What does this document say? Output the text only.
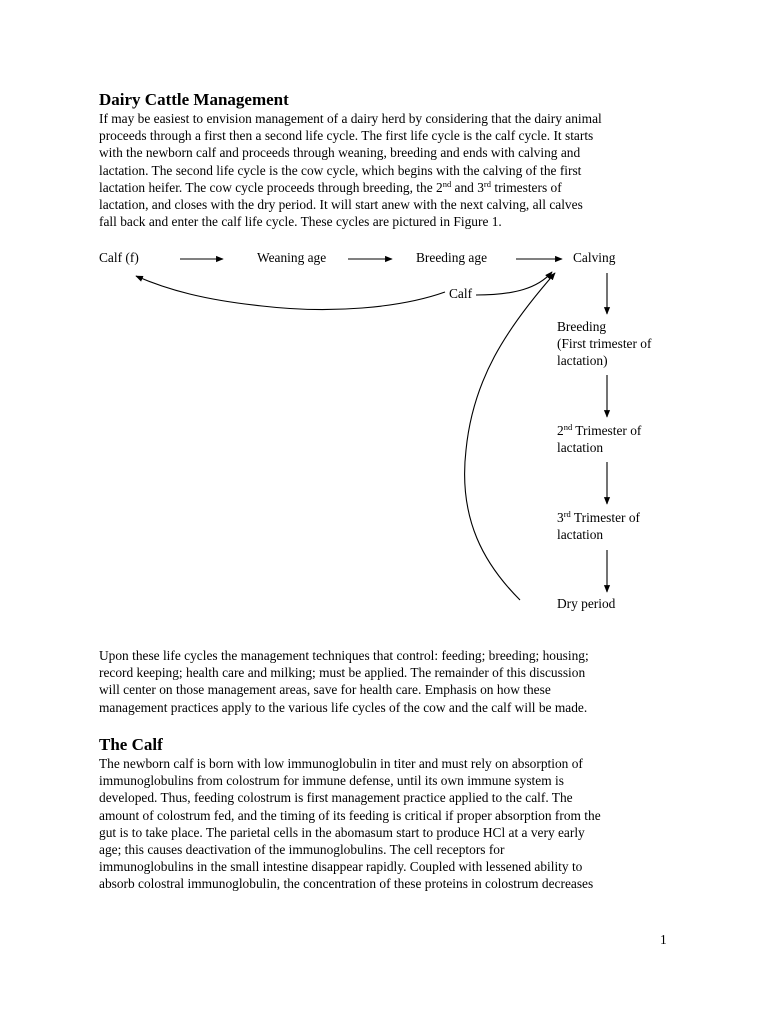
Dairy Cattle Management
If may be easiest to envision management of a dairy herd by considering that the dairy animal
proceeds through a first then a second life cycle. The first life cycle is the calf cycle. It starts
with the newborn calf and proceeds through weaning, breeding and ends with calving and
lactation. The second life cycle is the cow cycle, which begins with the calving of the first
lactation heifer. The cow cycle proceeds through breeding, the 2nd and 3rd trimesters of
lactation, and closes with the dry period. It will start anew with the next calving, all calves
fall back and enter the calf life cycle. These cycles are pictured in Figure 1.
Calf (f)	Weaning age	Breeding age	Calving
Calf
Breeding
(First trimester of
lactation)
2nd Trimester of
lactation
3rd Trimester of
lactation
Dry period
Upon these life cycles the management techniques that control: feeding; breeding; housing;
record keeping; health care and milking; must be applied. The remainder of this discussion
will center on those management areas, save for health care. Emphasis on how these
management practices apply to the various life cycles of the cow and the calf will be made.
The Calf
The newborn calf is born with low immunoglobulin in titer and must rely on absorption of
immunoglobulins from colostrum for immune defense, until its own immune system is
developed. Thus, feeding colostrum is first management practice applied to the calf. The
amount of colostrum fed, and the timing of its feeding is critical if proper absorption from the
gut is to take place. The parietal cells in the abomasum start to produce HCl at a very early
age; this causes deactivation of the immunoglobulins. The cell receptors for
immunoglobulins in the small intestine disappear rapidly. Coupled with lessened ability to
absorb colostral immunoglobulin, the concentration of these proteins in colostrum decreases
1
